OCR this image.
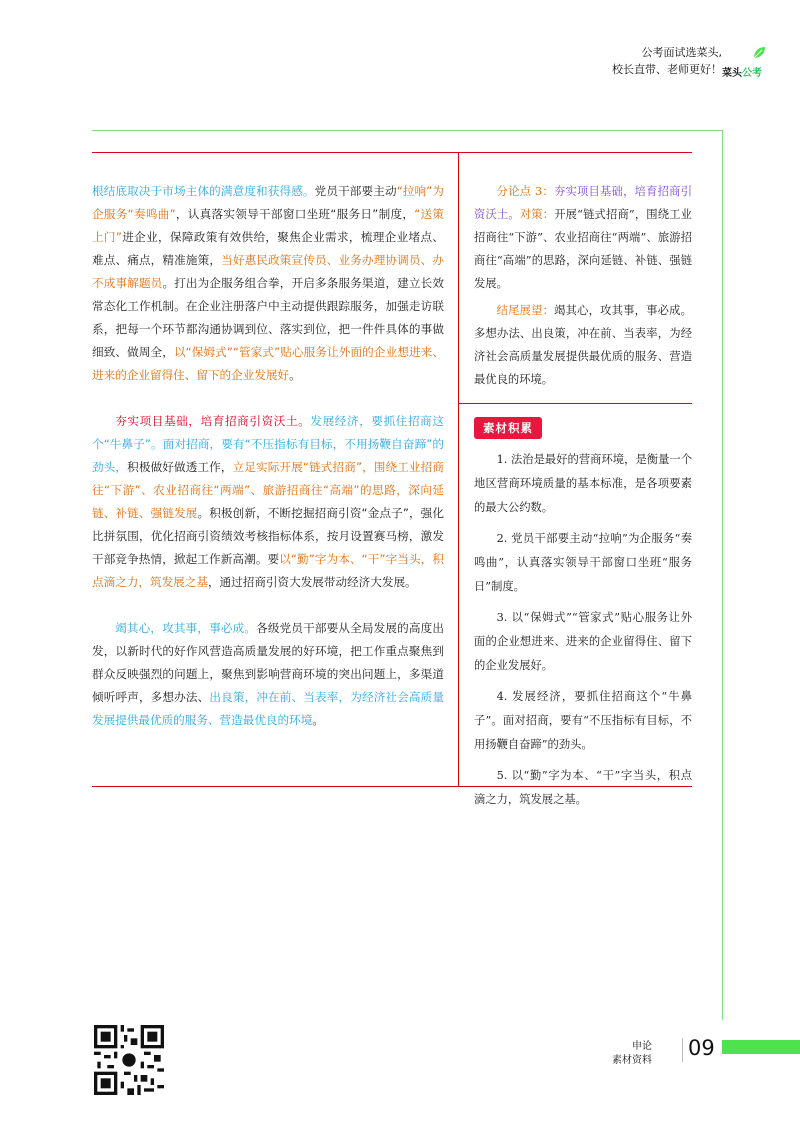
公考面试选菜头,
校长直带、老师更好！ 菜头公考

根结底取决于市场主体的满意度和获得感。党员干部要主动“拉响”为企服务“奏鸣曲”，认真落实领导干部窗口坐班“服务日”制度，“送策上门”进企业，保障政策有效供给，聚焦企业需求，梳理企业堵点、难点、痛点，精准施策，当好惠民政策宣传员、业务办理协调员、办不成事解题员。打出为企服务组合拳，开启多条服务渠道，建立长效常态化工作机制。在企业注册落户中主动提供跟踪服务，加强走访联系，把每一个环节都沟通协调到位、落实到位，把一件件具体的事做细致、做周全，以“保姆式”“管家式”贴心服务让外面的企业想进来、进来的企业留得住、留下的企业发展好。

夯实项目基础，培育招商引资沃土。发展经济，要抓住招商这个“牛鼻子”。面对招商，要有“不压指标有目标，不用扬鞭自奋蹄”的劲头，积极做好做透工作，立足实际开展“链式招商”，围绕工业招商往“下游”、农业招商往“两端”、旅游招商往“高端”的思路，深向延链、补链、强链发展。积极创新，不断挖掘招商引资“金点子”，强化比拼氛围，优化招商引资绩效考核指标体系，按月设置赛马榜，激发干部竞争热情，掀起工作新高潮。要以“勤”字为本、“干”字当头，积点滴之力，筑发展之基，通过招商引资大发展带动经济大发展。

竭其心，攻其事，事必成。各级党员干部要从全局发展的高度出发，以新时代的好作风营造高质量发展的好环境，把工作重点聚焦到群众反映强烈的问题上，聚焦到影响营商环境的突出问题上，多渠道倾听呼声，多想办法、出良策，冲在前、当表率，为经济社会高质量发展提供最优质的服务、营造最优良的环境。

分论点 3：夯实项目基础，培育招商引资沃土。对策：开展“链式招商”，围绕工业招商往“下游”、农业招商往“两端”、旅游招商往“高端”的思路，深向延链、补链、强链发展。

结尾展望：竭其心，攻其事，事必成。多想办法、出良策，冲在前、当表率，为经济社会高质量发展提供最优质的服务、营造最优良的环境。

素材积累

1. 法治是最好的营商环境，是衡量一个地区营商环境质量的基本标准，是各项要素的最大公约数。

2. 党员干部要主动“拉响”为企服务“奏鸣曲”，认真落实领导干部窗口坐班“服务日”制度。

3. 以“保姆式”“管家式”贴心服务让外面的企业想进来、进来的企业留得住、留下的企业发展好。

4. 发展经济，要抓住招商这个“牛鼻子”。面对招商，要有“不压指标有目标，不用扬鞭自奋蹄”的劲头。

5. 以“勤”字为本、“干”字当头，积点滴之力，筑发展之基。

申论
素材资料
09
